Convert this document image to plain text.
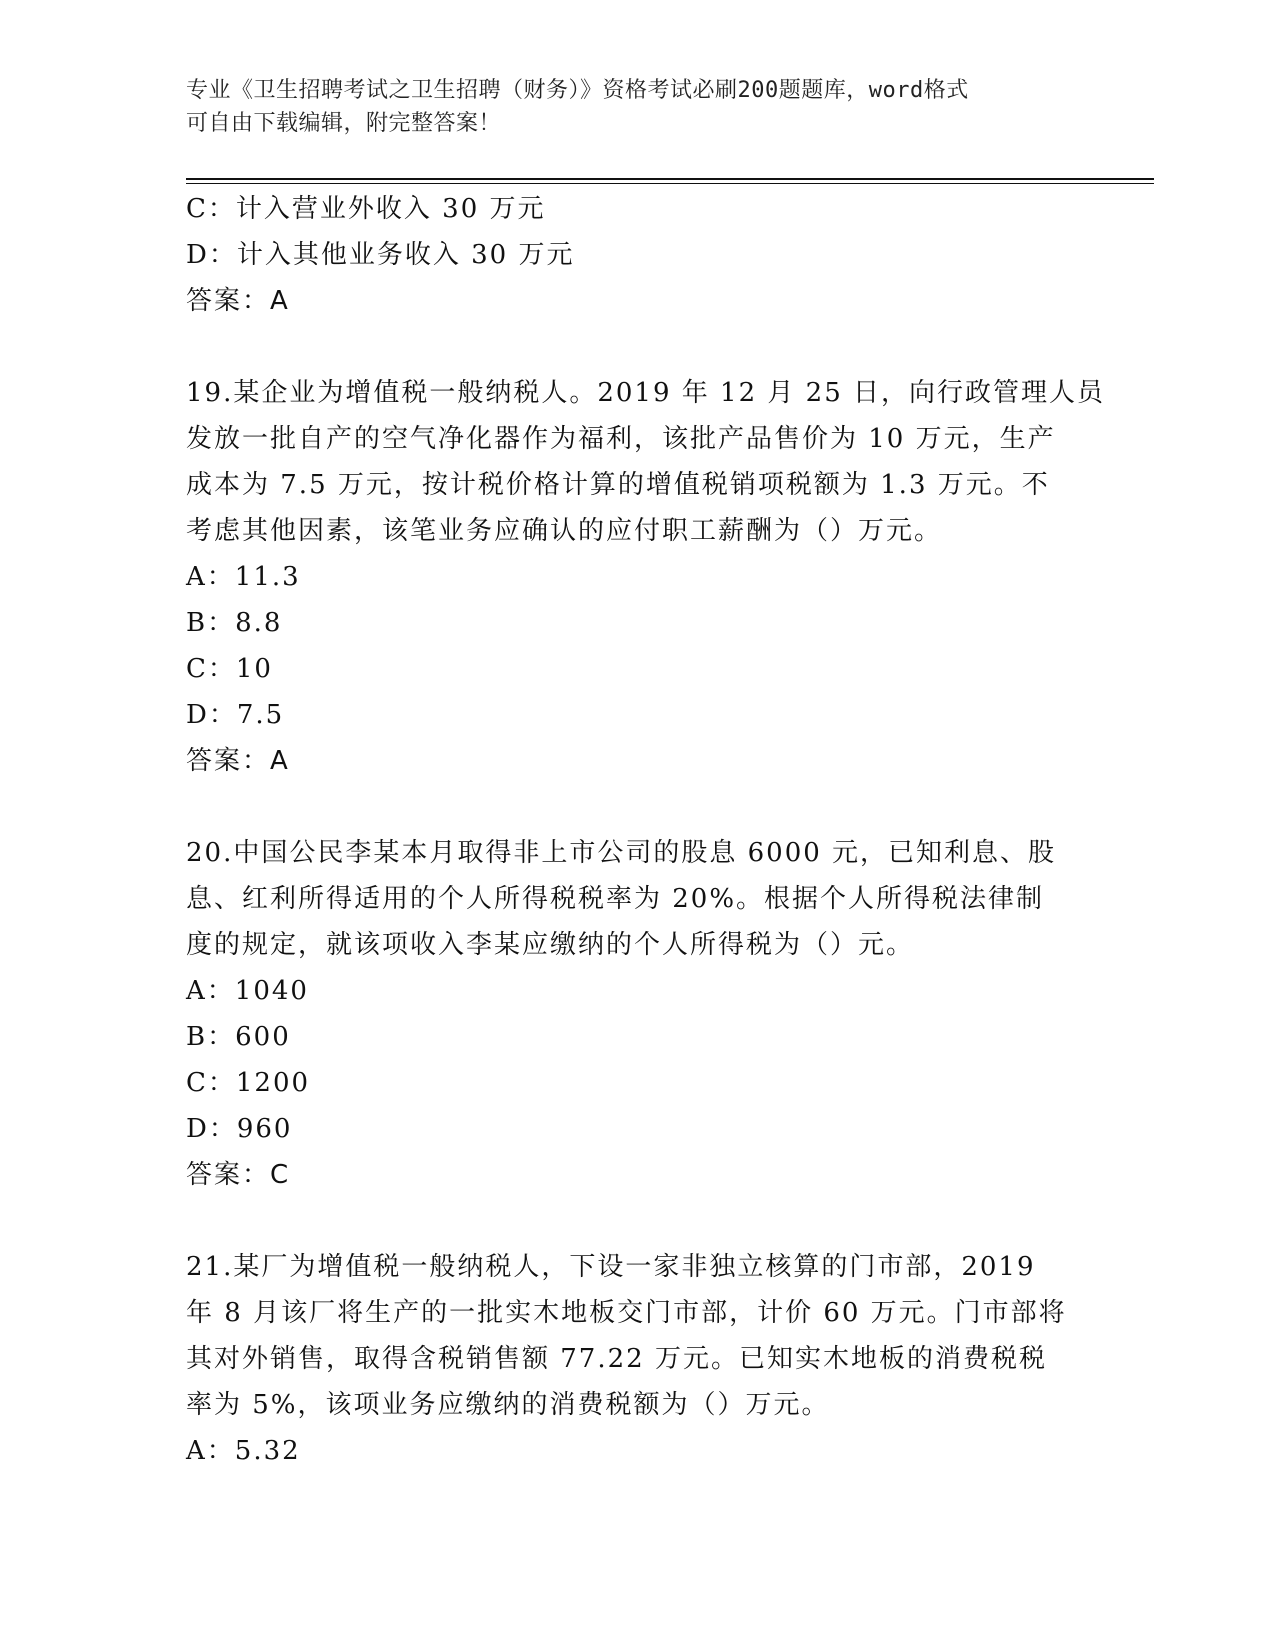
专业《卫生招聘考试之卫生招聘（财务）》资格考试必刷200题题库，word格式
可自由下载编辑，附完整答案！
C：计入营业外收入 30 万元
D：计入其他业务收入 30 万元
答案：A
19.某企业为增值税一般纳税人。2019 年 12 月 25 日，向行政管理人员
发放一批自产的空气净化器作为福利，该批产品售价为 10 万元，生产
成本为 7.5 万元，按计税价格计算的增值税销项税额为 1.3 万元。不
考虑其他因素，该笔业务应确认的应付职工薪酬为（）万元。
A：11.3
B：8.8
C：10
D：7.5
答案：A
20.中国公民李某本月取得非上市公司的股息 6000 元，已知利息、股
息、红利所得适用的个人所得税税率为 20%。根据个人所得税法律制
度的规定，就该项收入李某应缴纳的个人所得税为（）元。
A：1040
B：600
C：1200
D：960
答案：C
21.某厂为增值税一般纳税人，下设一家非独立核算的门市部，2019
年 8 月该厂将生产的一批实木地板交门市部，计价 60 万元。门市部将
其对外销售，取得含税销售额 77.22 万元。已知实木地板的消费税税
率为 5%，该项业务应缴纳的消费税额为（）万元。
A：5.32
